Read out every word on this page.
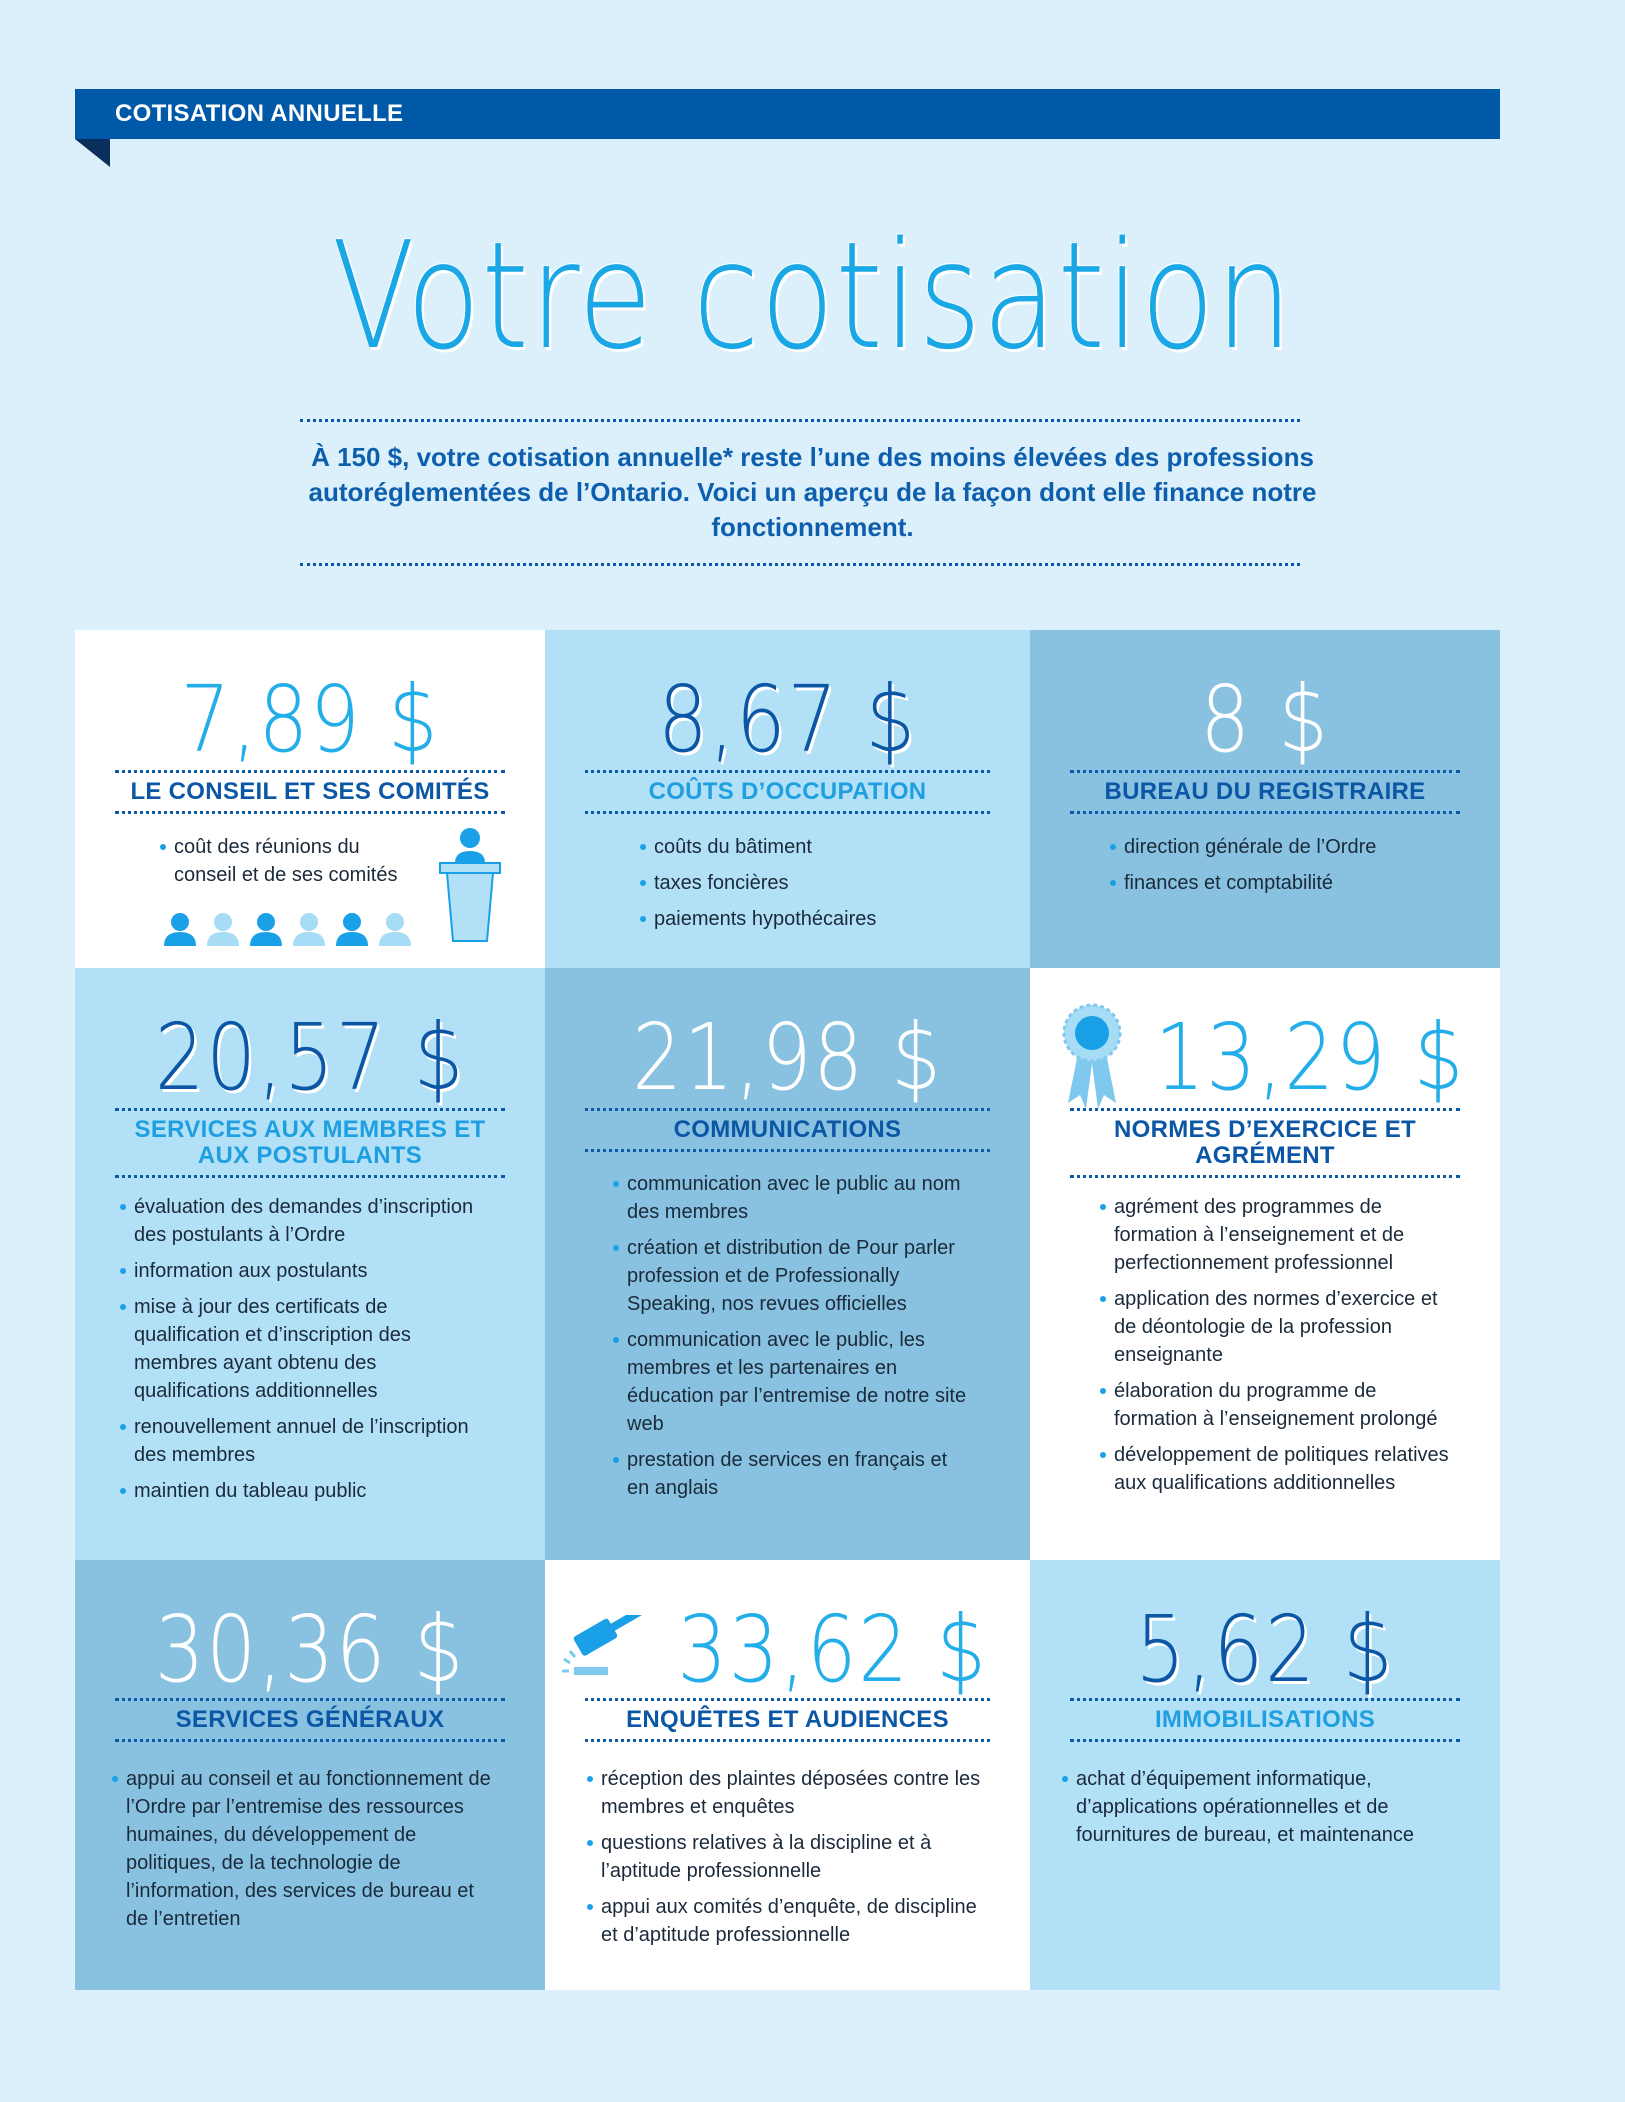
COTISATION ANNUELLE
Votre cotisation
À 150 $, votre cotisation annuelle* reste l’une des moins élevées des professions autoréglementées de l’Ontario. Voici un aperçu de la façon dont elle finance notre fonctionnement.
7,89 $
LE CONSEIL ET SES COMITÉS
coût des réunions du conseil et de ses comités
8,67 $
COÛTS D’OCCUPATION
coûts du bâtiment
taxes foncières
paiements hypothécaires
8 $
BUREAU DU REGISTRAIRE
direction générale de l’Ordre
finances et comptabilité
20,57 $
SERVICES AUX MEMBRES ET AUX POSTULANTS
évaluation des demandes d’inscription des postulants à l’Ordre
information aux postulants
mise à jour des certificats de qualification et d’inscription des membres ayant obtenu des qualifications additionnelles
renouvellement annuel de l’inscription des membres
maintien du tableau public
21,98 $
COMMUNICATIONS
communication avec le public au nom des membres
création et distribution de Pour parler profession et de Professionally Speaking, nos revues officielles
communication avec le public, les membres et les partenaires en éducation par l’entremise de notre site web
prestation de services en français et en anglais
13,29 $
NORMES D’EXERCICE ET AGRÉMENT
agrément des programmes de formation à l’enseignement et de perfectionnement professionnel
application des normes d’exercice et de déontologie de la profession enseignante
élaboration du programme de formation à l’enseignement prolongé
développement de politiques relatives aux qualifications additionnelles
30,36 $
SERVICES GÉNÉRAUX
appui au conseil et au fonctionnement de l’Ordre par l’entremise des ressources humaines, du développement de politiques, de la technologie de l’information, des services de bureau et de l’entretien
33,62 $
ENQUÊTES ET AUDIENCES
réception des plaintes déposées contre les membres et enquêtes
questions relatives à la discipline et à l’aptitude professionnelle
appui aux comités d’enquête, de discipline et d’aptitude professionnelle
5,62 $
IMMOBILISATIONS
achat d’équipement informatique, d’applications opérationnelles et de fournitures de bureau, et maintenance
